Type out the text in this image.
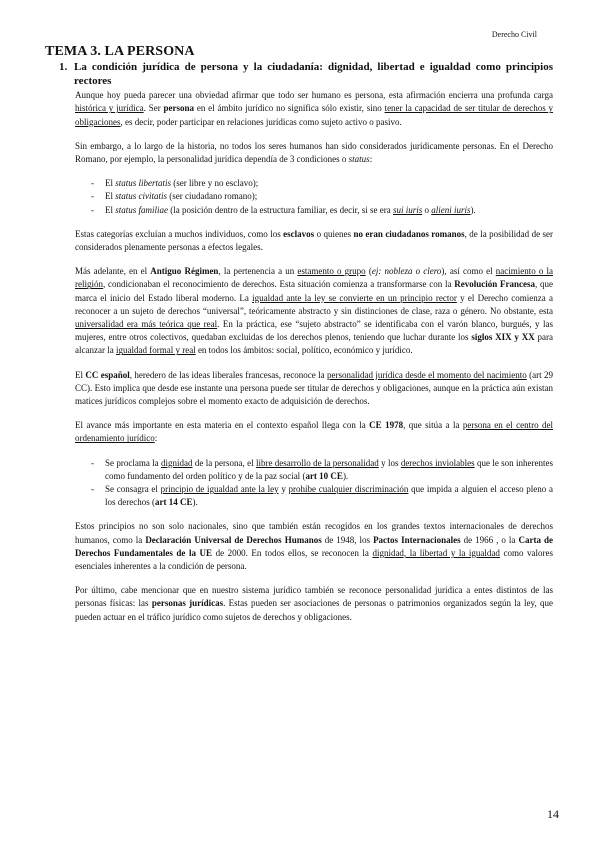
Derecho Civil
TEMA 3. LA PERSONA
1. La condición jurídica de persona y la ciudadanía: dignidad, libertad e igualdad como principios rectores

Aunque hoy pueda parecer una obviedad afirmar que todo ser humano es persona, esta afirmación encierra una profunda carga histórica y jurídica. Ser persona en el ámbito jurídico no significa sólo existir, sino tener la capacidad de ser titular de derechos y obligaciones, es decir, poder participar en relaciones jurídicas como sujeto activo o pasivo.

Sin embargo, a lo largo de la historia, no todos los seres humanos han sido considerados jurídicamente personas. En el Derecho Romano, por ejemplo, la personalidad jurídica dependía de 3 condiciones o status:

- El status libertatis (ser libre y no esclavo);
- El status civitatis (ser ciudadano romano);
- El status familiae (la posición dentro de la estructura familiar, es decir, si se era sui iuris o alieni iuris).

Estas categorías excluían a muchos individuos, como los esclavos o quienes no eran ciudadanos romanos, de la posibilidad de ser considerados plenamente personas a efectos legales.

Más adelante, en el Antiguo Régimen, la pertenencia a un estamento o grupo (ej: nobleza o clero), así como el nacimiento o la religión, condicionaban el reconocimiento de derechos. Esta situación comienza a transformarse con la Revolución Francesa, que marca el inicio del Estado liberal moderno. La igualdad ante la ley se convierte en un principio rector y el Derecho comienza a reconocer a un sujeto de derechos “universal”, teóricamente abstracto y sin distinciones de clase, raza o género. No obstante, esta universalidad era más teórica que real. En la práctica, ese “sujeto abstracto” se identificaba con el varón blanco, burgués, y las mujeres, entre otros colectivos, quedaban excluidas de los derechos plenos, teniendo que luchar durante los siglos XIX y XX para alcanzar la igualdad formal y real en todos los ámbitos: social, político, económico y jurídico.

El CC español, heredero de las ideas liberales francesas, reconoce la personalidad jurídica desde el momento del nacimiento (art 29 CC). Esto implica que desde ese instante una persona puede ser titular de derechos y obligaciones, aunque en la práctica aún existan matices jurídicos complejos sobre el momento exacto de adquisición de derechos.

El avance más importante en esta materia en el contexto español llega con la CE 1978, que sitúa a la persona en el centro del ordenamiento jurídico:

- Se proclama la dignidad de la persona, el libre desarrollo de la personalidad y los derechos inviolables que le son inherentes como fundamento del orden político y de la paz social (art 10 CE).
- Se consagra el principio de igualdad ante la ley y prohíbe cualquier discriminación que impida a alguien el acceso pleno a los derechos (art 14 CE).

Estos principios no son solo nacionales, sino que también están recogidos en los grandes textos internacionales de derechos humanos, como la Declaración Universal de Derechos Humanos de 1948, los Pactos Internacionales de 1966 , o la Carta de Derechos Fundamentales de la UE de 2000. En todos ellos, se reconocen la dignidad, la libertad y la igualdad como valores esenciales inherentes a la condición de persona.

Por último, cabe mencionar que en nuestro sistema jurídico también se reconoce personalidad jurídica a entes distintos de las personas físicas: las personas jurídicas. Estas pueden ser asociaciones de personas o patrimonios organizados según la ley, que pueden actuar en el tráfico jurídico como sujetos de derechos y obligaciones.

14
